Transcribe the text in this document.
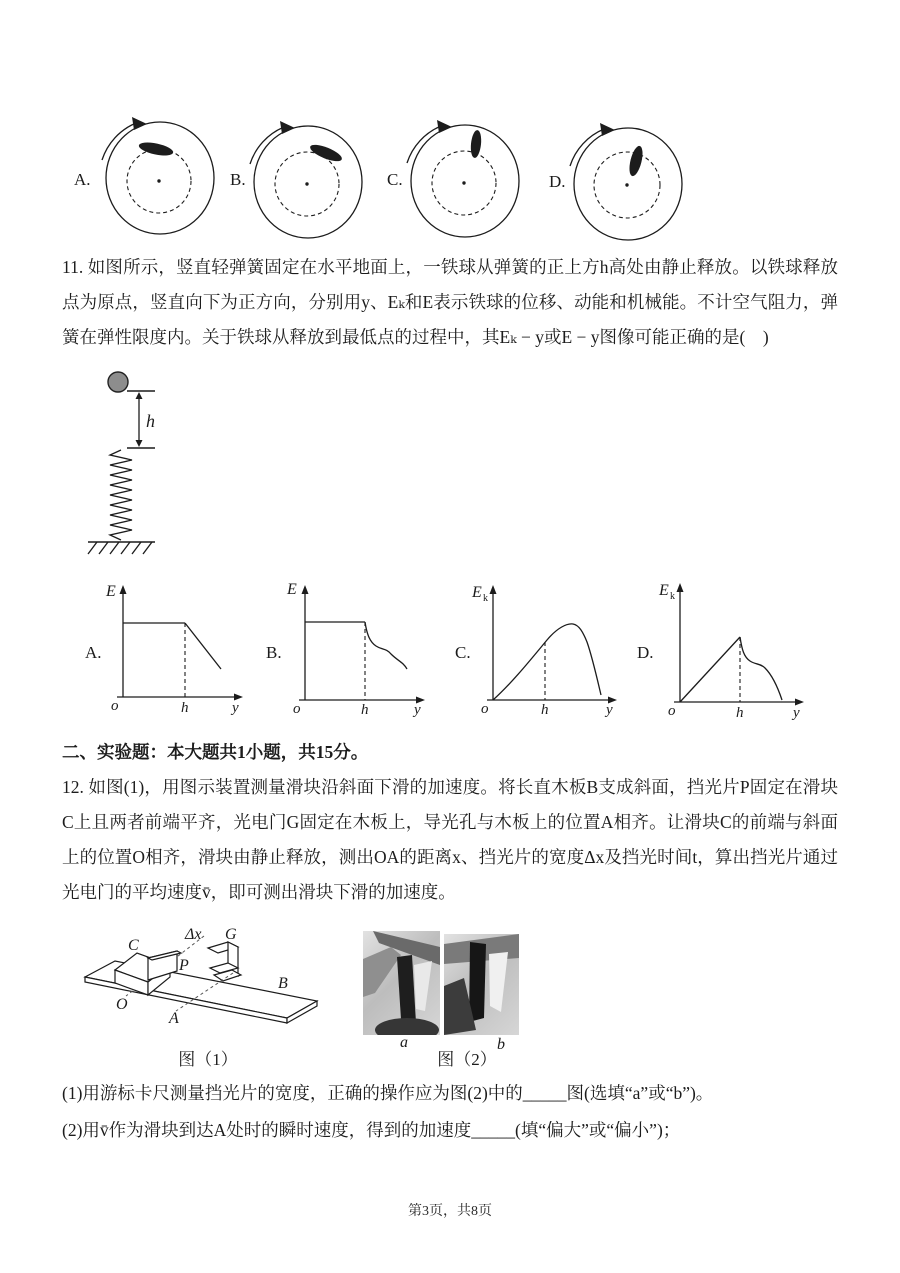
A.	B.	C.	D.
11. 如图所示，竖直轻弹簧固定在水平地面上，一铁球从弹簧的正上方h高处由静止释放。以铁球释放点为原点，竖直向下为正方向，分别用y、Eₖ和E表示铁球的位移、动能和机械能。不计空气阻力，弹簧在弹性限度内。关于铁球从释放到最低点的过程中，其Eₖ − y或E − y图像可能正确的是(　)
h
A.
E
o	h	y
B.
E
o	h	y
C.
E k
o	h	y
D.
E k
o	h	y
二、实验题：本大题共1小题，共15分。
12. 如图(1)，用图示装置测量滑块沿斜面下滑的加速度。将长直木板B支成斜面，挡光片P固定在滑块C上且两者前端平齐，光电门G固定在木板上，导光孔与木板上的位置A相齐。让滑块C的前端与斜面上的位置O相齐，滑块由静止释放，测出OA的距离x、挡光片的宽度Δx及挡光时间t，算出挡光片通过光电门的平均速度v̄，即可测出滑块下滑的加速度。
Δx
C
P
G
B
O
A
图（1）
a	b
图（2）
(1)用游标卡尺测量挡光片的宽度，正确的操作应为图(2)中的_____图(选填“a”或“b”)。
(2)用v̄作为滑块到达A处时的瞬时速度，得到的加速度_____(填“偏大”或“偏小”)；
第3页，共8页
